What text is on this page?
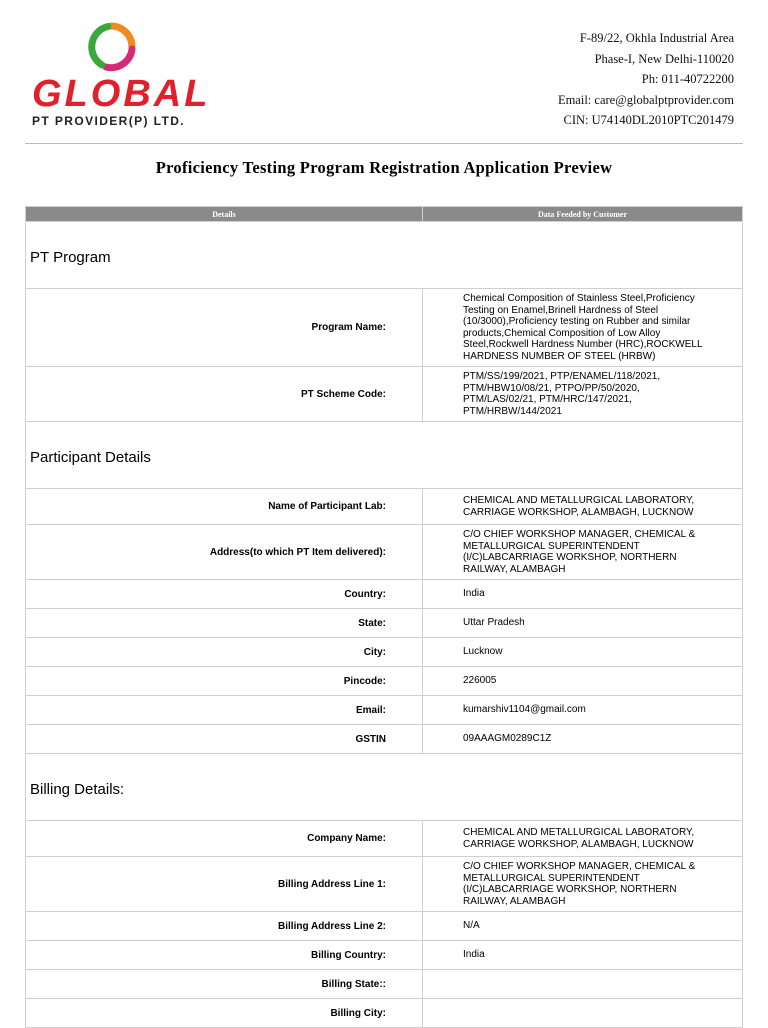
GLOBAL
PT PROVIDER(P) LTD.
F-89/22, Okhla Industrial Area
Phase-I, New Delhi-110020
Ph: 011-40722200
Email: care@globalptprovider.com
CIN: U74140DL2010PTC201479
Proficiency Testing Program Registration Application Preview
Details	Data Feeded by Customer
PT Program	
Program Name:	Chemical Composition of Stainless Steel,Proficiency Testing on Enamel,Brinell Hardness of Steel (10/3000),Proficiency testing on Rubber and similar products,Chemical Composition of Low Alloy Steel,Rockwell Hardness Number (HRC),ROCKWELL HARDNESS NUMBER OF STEEL (HRBW)
PT Scheme Code:	PTM/SS/199/2021, PTP/ENAMEL/118/2021, PTM/HBW10/08/21, PTPO/PP/50/2020, PTM/LAS/02/21, PTM/HRC/147/2021, PTM/HRBW/144/2021
Participant Details	
Name of Participant Lab:	CHEMICAL AND METALLURGICAL LABORATORY, CARRIAGE WORKSHOP, ALAMBAGH, LUCKNOW
Address(to which PT Item delivered):	C/O CHIEF WORKSHOP MANAGER, CHEMICAL & METALLURGICAL SUPERINTENDENT (I/C)LABCARRIAGE WORKSHOP, NORTHERN RAILWAY, ALAMBAGH
Country:	India
State:	Uttar Pradesh
City:	Lucknow
Pincode:	226005
Email:	kumarshiv1104@gmail.com
GSTIN	09AAAGM0289C1Z
Billing Details:	
Company Name:	CHEMICAL AND METALLURGICAL LABORATORY, CARRIAGE WORKSHOP, ALAMBAGH, LUCKNOW
Billing Address Line 1:	C/O CHIEF WORKSHOP MANAGER, CHEMICAL & METALLURGICAL SUPERINTENDENT (I/C)LABCARRIAGE WORKSHOP, NORTHERN RAILWAY, ALAMBAGH
Billing Address Line 2:	N/A
Billing Country:	India
Billing State::	
Billing City:	
